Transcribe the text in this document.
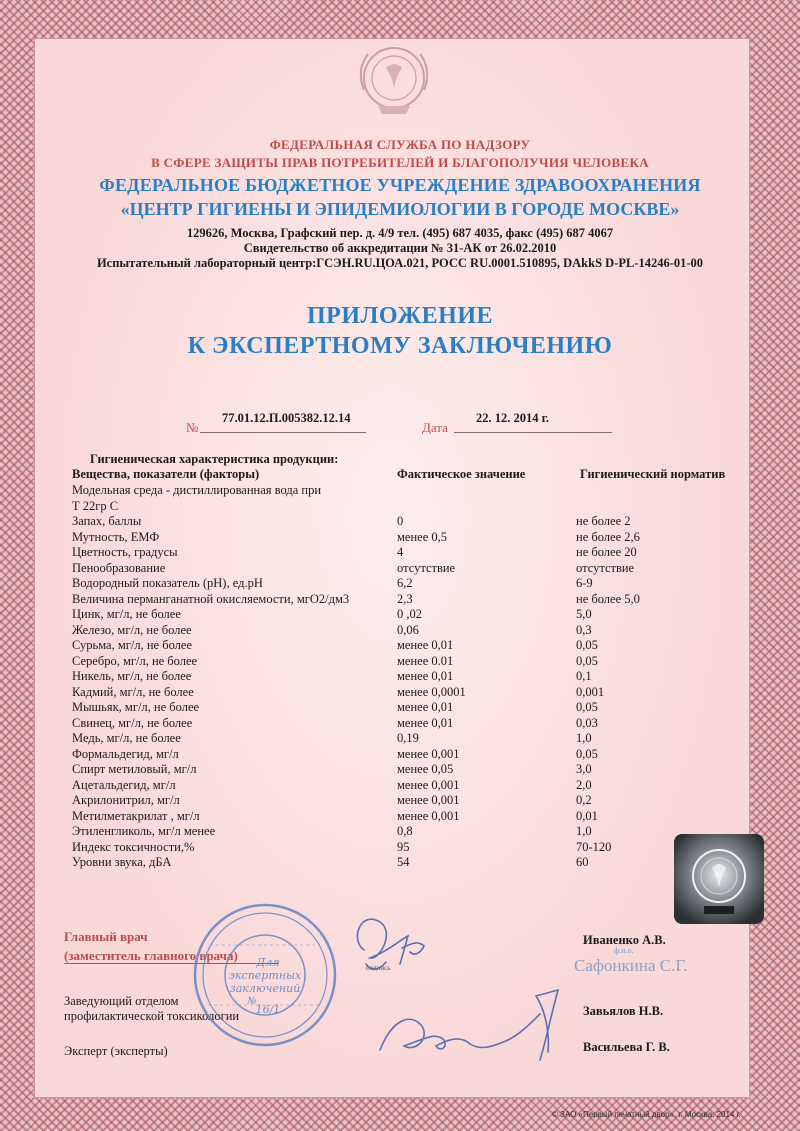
ФЕДЕРАЛЬНАЯ СЛУЖБА ПО НАДЗОРУ
В СФЕРЕ ЗАЩИТЫ ПРАВ ПОТРЕБИТЕЛЕЙ И БЛАГОПОЛУЧИЯ ЧЕЛОВЕКА
ФЕДЕРАЛЬНОЕ БЮДЖЕТНОЕ УЧРЕЖДЕНИЕ ЗДРАВООХРАНЕНИЯ
«ЦЕНТР ГИГИЕНЫ И ЭПИДЕМИОЛОГИИ В ГОРОДЕ МОСКВЕ»
129626, Москва, Графский пер. д. 4/9 тел. (495) 687 4035, факс (495) 687 4067
Свидетельство об аккредитации № 31-АК от 26.02.2010
Испытательный лабораторный центр:ГСЭН.RU.ЦОА.021, РОСС RU.0001.510895, DAkkS D-PL-14246-01-00
ПРИЛОЖЕНИЕ
К ЭКСПЕРТНОМУ ЗАКЛЮЧЕНИЮ
№
77.01.12.П.005382.12.14
Дата
22. 12. 2014 г.
Гигиеническая характеристика продукции:
Вещества, показатели (факторы)	Фактическое значение	Гигиенический норматив
Модельная среда - дистиллированная вода при
Т 22гр С
Запах, баллы	0	не более 2
Мутность, ЕМФ	менее 0,5	не более 2,6
Цветность, градусы	4	не более 20
Пенообразование	отсутствие	отсутствие
Водородный показатель (рН), ед.рН	6,2	6-9
Величина перманганатной окисляемости, мгО2/дм3	2,3	не более 5,0
Цинк, мг/л, не более	0 ,02	5,0
Железо, мг/л, не более	0,06	0,3
Сурьма, мг/л, не более	менее 0,01	0,05
Серебро, мг/л, не более	менее 0.01	0,05
Никель, мг/л, не более	менее 0,01	0,1
Кадмий, мг/л, не более	менее 0,0001	0,001
Мышьяк, мг/л, не более	менее 0,01	0,05
Свинец, мг/л, не более	менее 0,01	0,03
Медь, мг/л, не более	0,19	1,0
Формальдегид, мг/л	менее 0,001	0,05
Спирт метиловый, мг/л	менее 0,05	3,0
Ацетальдегид, мг/л	менее 0,001	2,0
Акрилонитрил, мг/л	менее 0,001	0,2
Метилметакрилат , мг/л	менее 0,001	0,01
Этиленгликоль, мг/л менее	0,8	1,0
Индекс токсичности,%	95	70-120
Уровни звука, дБА	54	60
Главный врач
(заместитель главного врача)
Иваненко А.В.
подпись
ф.и.о.
Сафонкина С.Г.
Заведующий отделом
профилактической токсикологии	Завьялов Н.В.
Эксперт (эксперты)	Васильева Г. В.
Для
экспертных
заключений
№
16/1
© ЗАО «Первый печатный двор», г. Москва, 2014 г.
